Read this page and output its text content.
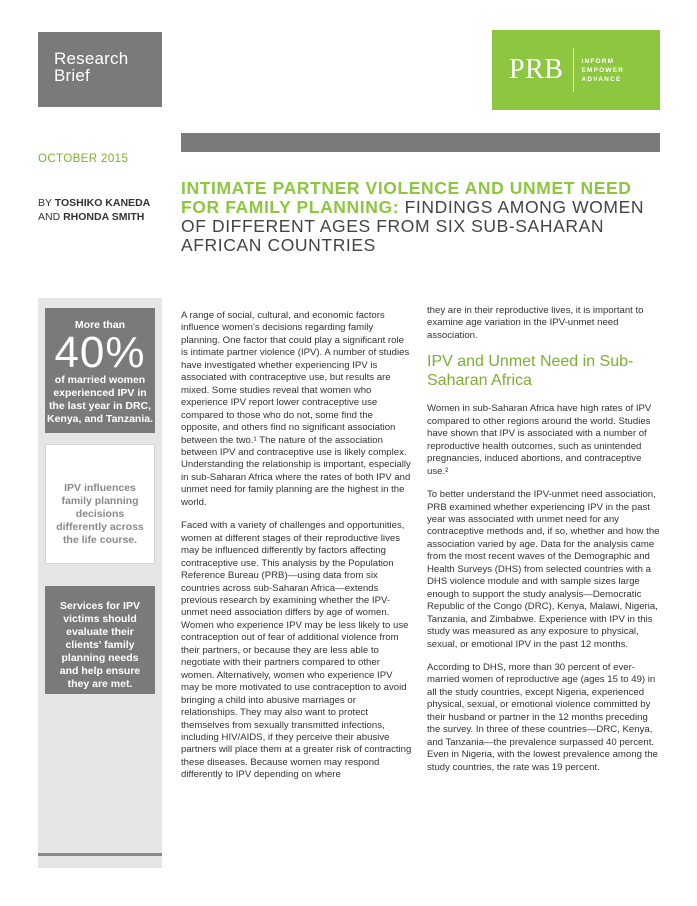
Research
Brief	PRB	INFORM
EMPOWER
ADVANCE
OCTOBER 2015
BY TOSHIKO KANEDA
AND RHONDA SMITH
INTIMATE PARTNER VIOLENCE AND UNMET NEED FOR FAMILY PLANNING: FINDINGS AMONG WOMEN OF DIFFERENT AGES FROM SIX SUB-SAHARAN AFRICAN COUNTRIES
More than
40%
of married women experienced IPV in the last year in DRC, Kenya, and Tanzania.
IPV influences family planning decisions differently across the life course.
Services for IPV victims should evaluate their clients' family planning needs and help ensure they are met.

A range of social, cultural, and economic factors influence women's decisions regarding family planning. One factor that could play a significant role is intimate partner violence (IPV). A number of studies have investigated whether experiencing IPV is associated with contraceptive use, but results are mixed. Some studies reveal that women who experience IPV report lower contraceptive use compared to those who do not, some find the opposite, and others find no significant association between the two.¹ The nature of the association between IPV and contraceptive use is likely complex. Understanding the relationship is important, especially in sub-Saharan Africa where the rates of both IPV and unmet need for family planning are the highest in the world.

Faced with a variety of challenges and opportunities, women at different stages of their reproductive lives may be influenced differently by factors affecting contraceptive use. This analysis by the Population Reference Bureau (PRB)—using data from six countries across sub-Saharan Africa—extends previous research by examining whether the IPV-unmet need association differs by age of women. Women who experience IPV may be less likely to use contraception out of fear of additional violence from their partners, or because they are less able to negotiate with their partners compared to other women. Alternatively, women who experience IPV may be more motivated to use contraception to avoid bringing a child into abusive marriages or relationships. They may also want to protect themselves from sexually transmitted infections, including HIV/AIDS, if they perceive their abusive partners will place them at a greater risk of contracting these diseases. Because women may respond differently to IPV depending on where

they are in their reproductive lives, it is important to examine age variation in the IPV-unmet need association.

IPV and Unmet Need in Sub-Saharan Africa

Women in sub-Saharan Africa have high rates of IPV compared to other regions around the world. Studies have shown that IPV is associated with a number of reproductive health outcomes, such as unintended pregnancies, induced abortions, and contraceptive use.²

To better understand the IPV-unmet need association, PRB examined whether experiencing IPV in the past year was associated with unmet need for any contraceptive methods and, if so, whether and how the association varied by age. Data for the analysis came from the most recent waves of the Demographic and Health Surveys (DHS) from selected countries with a DHS violence module and with sample sizes large enough to support the study analysis—Democratic Republic of the Congo (DRC), Kenya, Malawi, Nigeria, Tanzania, and Zimbabwe. Experience with IPV in this study was measured as any exposure to physical, sexual, or emotional IPV in the past 12 months.

According to DHS, more than 30 percent of ever-married women of reproductive age (ages 15 to 49) in all the study countries, except Nigeria, experienced physical, sexual, or emotional violence committed by their husband or partner in the 12 months preceding the survey. In three of these countries—DRC, Kenya, and Tanzania—the prevalence surpassed 40 percent. Even in Nigeria, with the lowest prevalence among the study countries, the rate was 19 percent.
